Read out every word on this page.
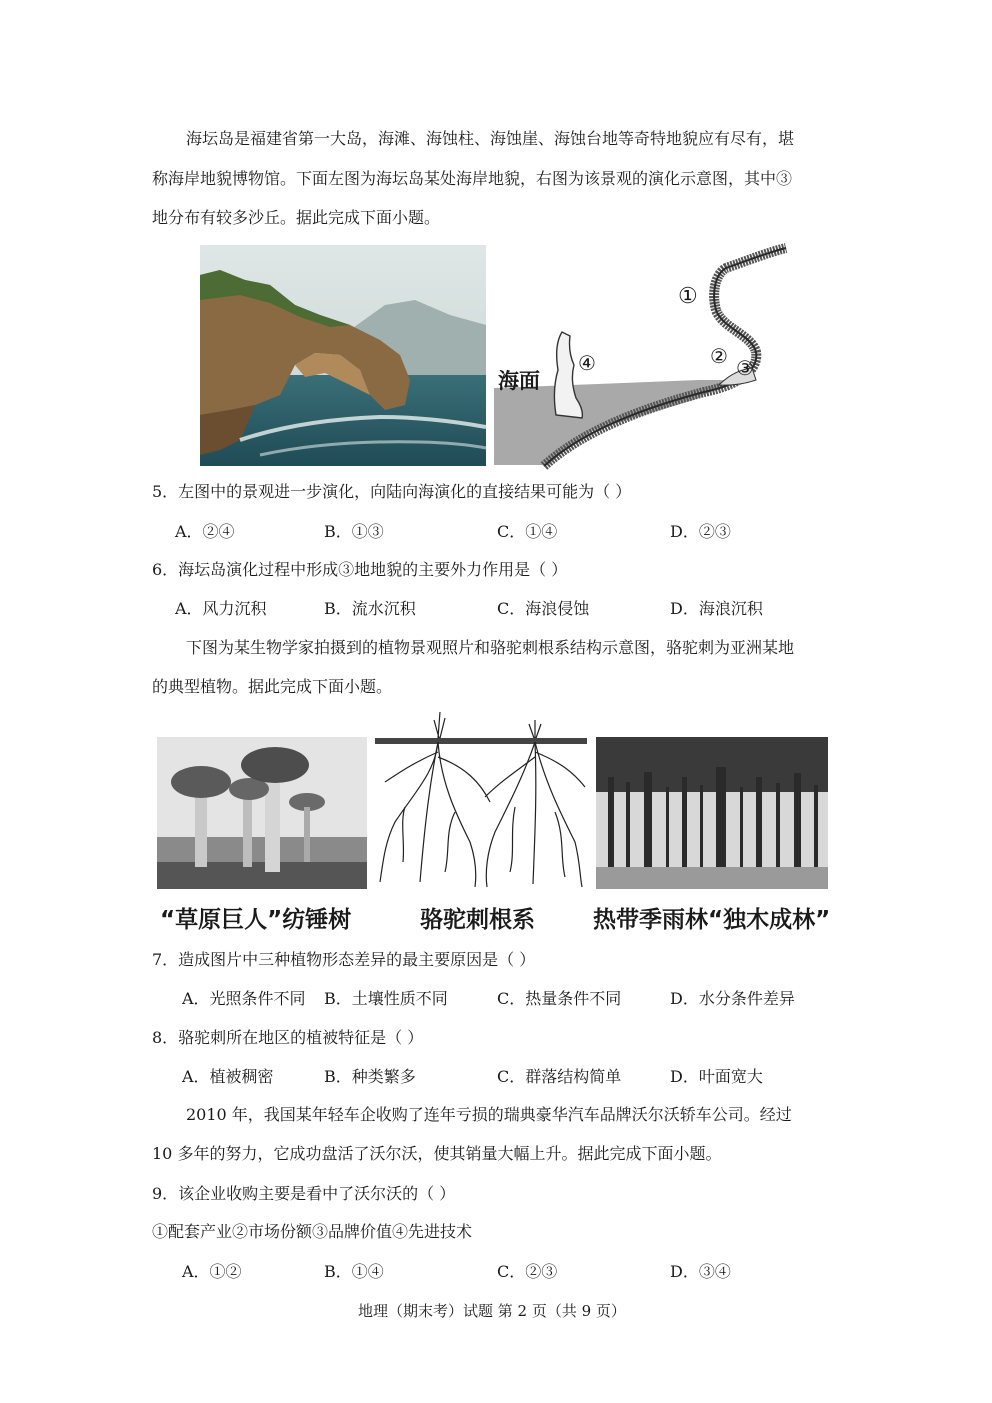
海坛岛是福建省第一大岛，海滩、海蚀柱、海蚀崖、海蚀台地等奇特地貌应有尽有，堪
称海岸地貌博物馆。下面左图为海坛岛某处海岸地貌，右图为该景观的演化示意图，其中③
地分布有较多沙丘。据此完成下面小题。
海面
①
② ③
④
5．左图中的景观进一步演化，向陆向海演化的直接结果可能为（ ）
A．②④	B．①③	C．①④	D．②③
6．海坛岛演化过程中形成③地地貌的主要外力作用是（ ）
A．风力沉积	B．流水沉积	C．海浪侵蚀	D．海浪沉积
下图为某生物学家拍摄到的植物景观照片和骆驼刺根系结构示意图，骆驼刺为亚洲某地
的典型植物。据此完成下面小题。
“草原巨人”纺锤树	骆驼刺根系	热带季雨林“独木成林”
7．造成图片中三种植物形态差异的最主要原因是（ ）
A．光照条件不同 B．土壤性质不同	C．热量条件不同	D．水分条件差异
8．骆驼刺所在地区的植被特征是（ ）
A．植被稠密	B．种类繁多	C．群落结构简单	D．叶面宽大
2010 年，我国某年轻车企收购了连年亏损的瑞典豪华汽车品牌沃尔沃轿车公司。经过
10 多年的努力，它成功盘活了沃尔沃，使其销量大幅上升。据此完成下面小题。
9．该企业收购主要是看中了沃尔沃的（ ）
①配套产业②市场份额③品牌价值④先进技术
A．①②	B．①④	C．②③	D．③④
地理（期末考）试题 第 2 页（共 9 页）
